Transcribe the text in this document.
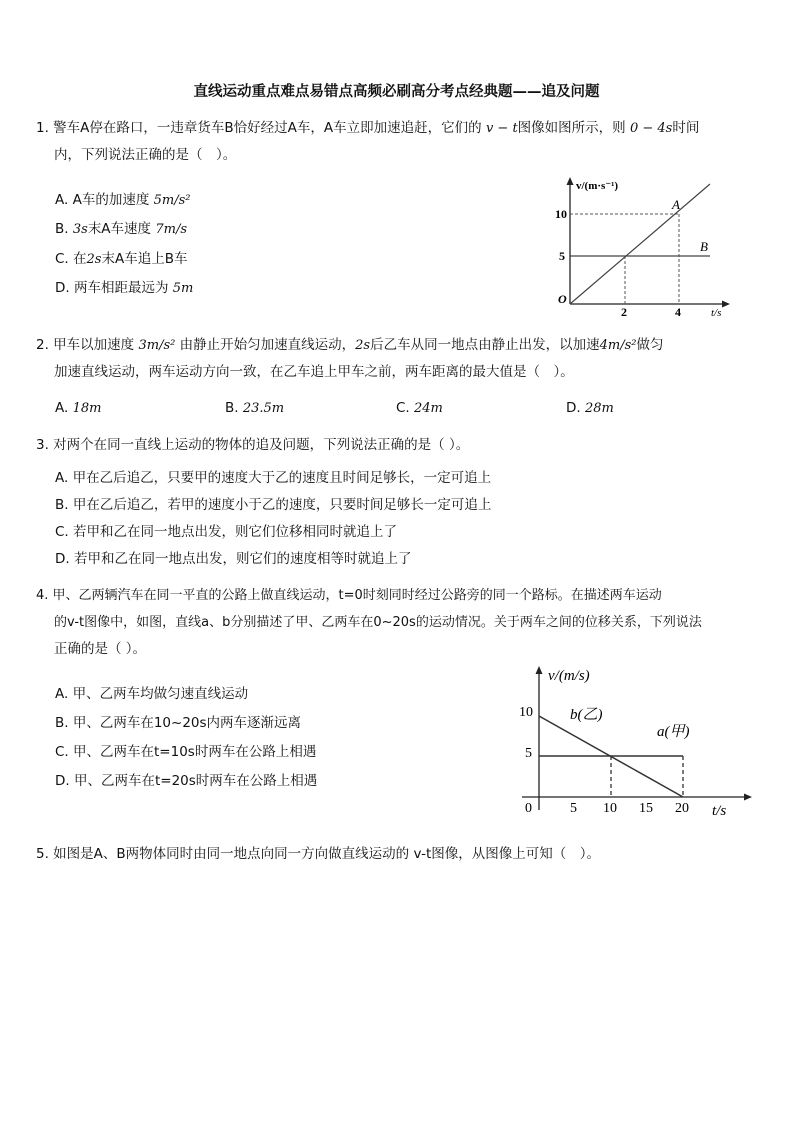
直线运动重点难点易错点高频必刷高分考点经典题——追及问题
1. 警车A停在路口，一违章货车B恰好经过A车，A车立即加速追赶，它们的 v − t图像如图所示，则 0 − 4s时间
内，下列说法正确的是（　）。
A. A车的加速度 5m/s²
B. 3s末A车速度 7m/s
C. 在2s末A车追上B车
D. 两车相距最远为 5m
v/(m·s⁻¹)
t/s
O
10
5
2	4
A
B
2. 甲车以加速度 3m/s² 由静止开始匀加速直线运动，2s后乙车从同一地点由静止出发，以加速4m/s²做匀
加速直线运动，两车运动方向一致，在乙车追上甲车之前，两车距离的最大值是（　）。
A. 18m	B. 23.5m	C. 24m	D. 28m
3. 对两个在同一直线上运动的物体的追及问题，下列说法正确的是（ ）。
A. 甲在乙后追乙，只要甲的速度大于乙的速度且时间足够长，一定可追上
B. 甲在乙后追乙，若甲的速度小于乙的速度，只要时间足够长一定可追上
C. 若甲和乙在同一地点出发，则它们位移相同时就追上了
D. 若甲和乙在同一地点出发，则它们的速度相等时就追上了
4. 甲、乙两辆汽车在同一平直的公路上做直线运动，t=0时刻同时经过公路旁的同一个路标。在描述两车运动
的v-t图像中，如图，直线a、b分别描述了甲、乙两车在0~20s的运动情况。关于两车之间的位移关系，下列说法
正确的是（ ）。
A. 甲、乙两车均做匀速直线运动
B. 甲、乙两车在10~20s内两车逐渐远离
C. 甲、乙两车在t=10s时两车在公路上相遇
D. 甲、乙两车在t=20s时两车在公路上相遇
v/(m/s)
t/s
0
10
5
5 10 15 20
b(乙)
a(甲)
5. 如图是A、B两物体同时由同一地点向同一方向做直线运动的 v-t图像，从图像上可知（　）。
